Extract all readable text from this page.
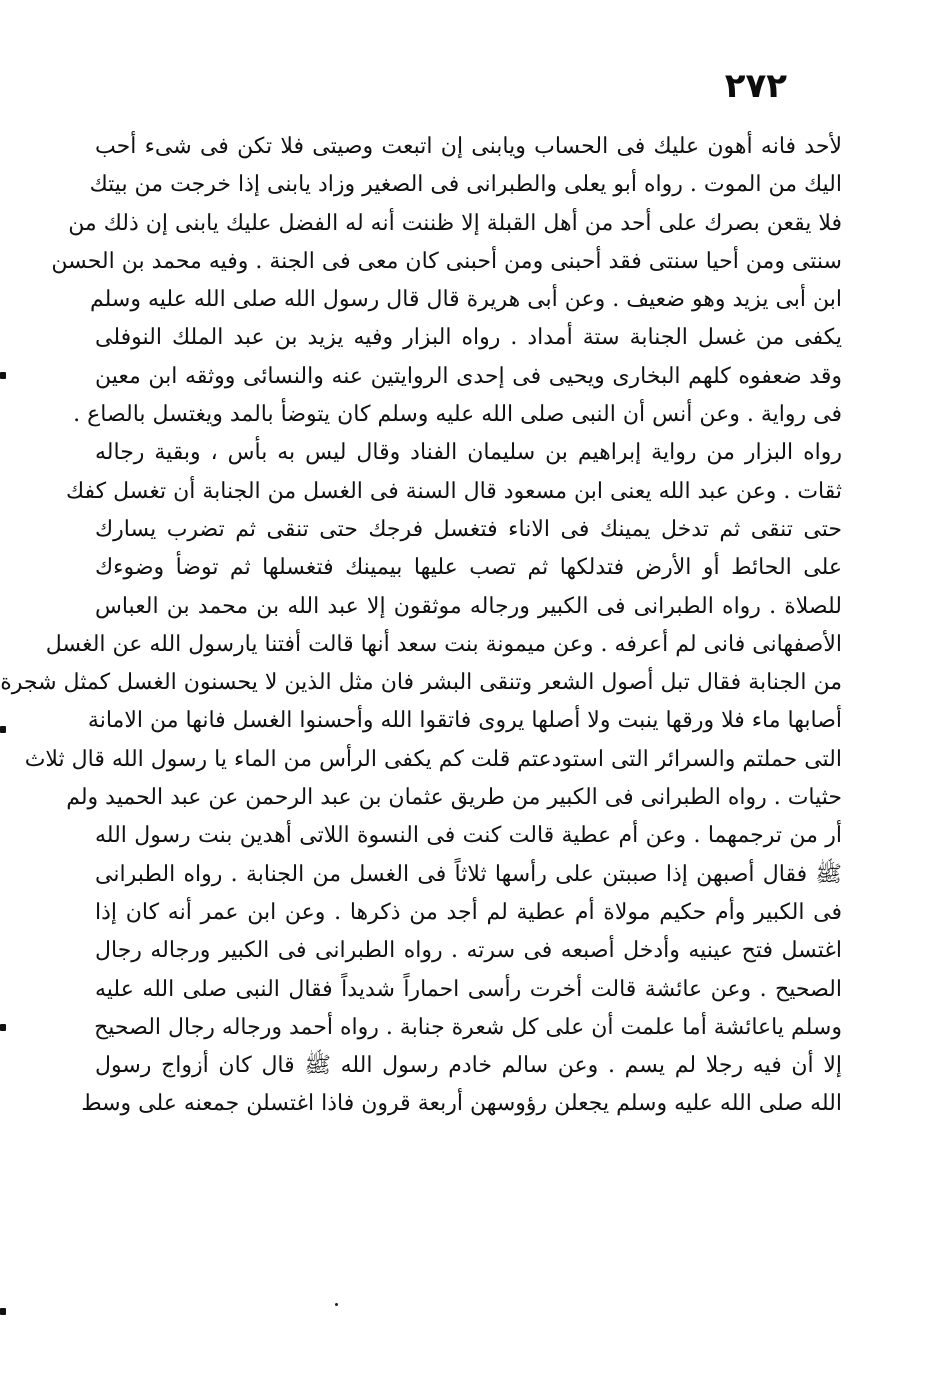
٢٧٢
لأحد فانه أهون عليك فى الحساب ويابنى إن اتبعت وصيتى فلا تكن فى شىء أحب
اليك من الموت . رواه أبو يعلى والطبرانى فى الصغير وزاد يابنى إذا خرجت من بيتك
فلا يقعن بصرك على أحد من أهل القبلة إلا ظننت أنه له الفضل عليك يابنى إن ذلك من
سنتى ومن أحيا سنتى فقد أحبنى ومن أحبنى كان معى فى الجنة . وفيه محمد بن الحسن
ابن أبى يزيد وهو ضعيف . وعن أبى هريرة قال قال رسول الله صلى الله عليه وسلم
يكفى من غسل الجنابة ستة أمداد . رواه البزار وفيه يزيد بن عبد الملك النوفلى
وقد ضعفوه كلهم البخارى ويحيى فى إحدى الروايتين عنه والنسائى ووثقه ابن معين
فى رواية . وعن أنس أن النبى صلى الله عليه وسلم كان يتوضأ بالمد ويغتسل بالصاع .
رواه البزار من رواية إبراهيم بن سليمان الفناد وقال ليس به بأس ، وبقية رجاله
ثقات . وعن عبد الله يعنى ابن مسعود قال السنة فى الغسل من الجنابة أن تغسل كفك
حتى تنقى ثم تدخل يمينك فى الاناء فتغسل فرجك حتى تنقى ثم تضرب يسارك
على الحائط أو الأرض فتدلكها ثم تصب عليها بيمينك فتغسلها ثم توضأ وضوءك
للصلاة . رواه الطبرانى فى الكبير ورجاله موثقون إلا عبد الله بن محمد بن العباس
الأصفهانى فانى لم أعرفه . وعن ميمونة بنت سعد أنها قالت أفتنا يارسول الله عن الغسل
من الجنابة فقال تبل أصول الشعر وتنقى البشر فان مثل الذين لا يحسنون الغسل كمثل شجرة
أصابها ماء فلا ورقها ينبت ولا أصلها يروى فاتقوا الله وأحسنوا الغسل فانها من الامانة
التى حملتم والسرائر التى استودعتم قلت كم يكفى الرأس من الماء يا رسول الله قال ثلاث
حثيات . رواه الطبرانى فى الكبير من طريق عثمان بن عبد الرحمن عن عبد الحميد ولم
أر من ترجمهما . وعن أم عطية قالت كنت فى النسوة اللاتى أهدين بنت رسول الله
ﷺ فقال أصبهن إذا صببتن على رأسها ثلاثاً فى الغسل من الجنابة . رواه الطبرانى
فى الكبير وأم حكيم مولاة أم عطية لم أجد من ذكرها . وعن ابن عمر أنه كان إذا
اغتسل فتح عينيه وأدخل أصبعه فى سرته . رواه الطبرانى فى الكبير ورجاله رجال
الصحيح . وعن عائشة قالت أخرت رأسى احماراً شديداً فقال النبى صلى الله عليه
وسلم ياعائشة أما علمت أن على كل شعرة جنابة . رواه أحمد ورجاله رجال الصحيح
إلا أن فيه رجلا لم يسم . وعن سالم خادم رسول الله ﷺ قال كان أزواج رسول
الله صلى الله عليه وسلم يجعلن رؤوسهن أربعة قرون فاذا اغتسلن جمعنه على وسط
